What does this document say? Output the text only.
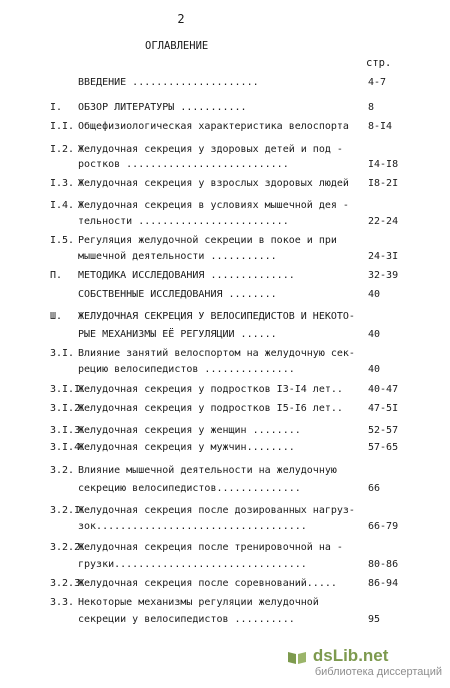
2
ОГЛАВЛЕНИЕ
стр.
ВВЕДЕНИЕ .....................	4-7
I. ОБЗОР ЛИТЕРАТУРЫ ...........	8
I.I. Общефизиологическая характеристика велоспорта 8-I4
I.2. Желудочная секреция у здоровых детей и под -
ростков ...........................	I4-I8
I.3. Желудочная секреция у взрослых здоровых людей I8-2I
I.4. Желудочная секреция в условиях мышечной дея -
тельности .........................	22-24
I.5. Регуляция желудочной секреции в покое и при
мышечной деятельности ...........	24-3I
П. МЕТОДИКА ИССЛЕДОВАНИЯ ..............	32-39
СОБСТВЕННЫЕ ИССЛЕДОВАНИЯ ........	40
Ш. ЖЕЛУДОЧНАЯ СЕКРЕЦИЯ У ВЕЛОСИПЕДИСТОВ И НЕКОТО-
РЫЕ МЕХАНИЗМЫ ЕЁ РЕГУЛЯЦИИ ......	40
3.I. Влияние занятий велоспортом на желудочную сек-
рецию велосипедистов ...............	40
3.I.I.
Желудочная секреция у подростков I3-I4 лет..	40-47
3.I.2.
Желудочная секреция у подростков I5-I6 лет..	47-5I
3.I.3.
Желудочная секреция у женщин ........	52-57
3.I.4.
Желудочная секреция у мужчин........	57-65
3.2. Влияние мышечной деятельности на желудочную
секрецию велосипедистов..............	66
3.2.I.
Желудочная секреция после дозированных нагруз-
зок...................................	66-79
3.2.2.
Желудочная секреция после тренировочной на -
грузки................................	80-86
3.2.3.
Желудочная секреция после соревнований.....	86-94
3.3. Некоторые механизмы регуляции желудочной
секреции у велосипедистов ..........	95
dsLib.net
библиотека диссертаций
